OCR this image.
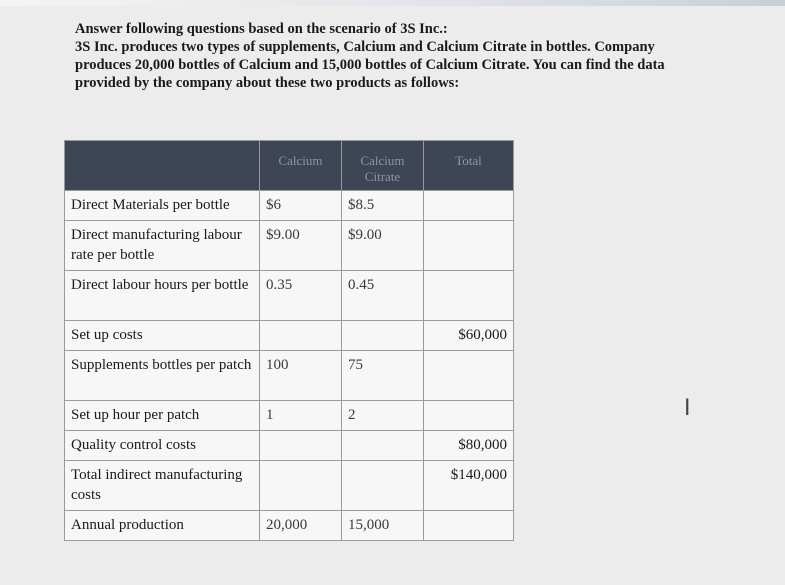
Answer following questions based on the scenario of 3S Inc.:
3S Inc. produces two types of supplements, Calcium and Calcium Citrate in bottles. Company
produces 20,000 bottles of Calcium and 15,000 bottles of Calcium Citrate. You can find the data
provided by the company about these two products as follows:
	Calcium	Calcium Citrate	Total
Direct Materials per bottle	$6	$8.5	
Direct manufacturing labour rate per bottle	$9.00	$9.00	
Direct labour hours per bottle	0.35	0.45	
Set up costs			$60,000
Supplements bottles per patch	100	75	
Set up hour per patch	1	2	
Quality control costs			$80,000
Total indirect manufacturing costs			$140,000
Annual production	20,000	15,000	
I
